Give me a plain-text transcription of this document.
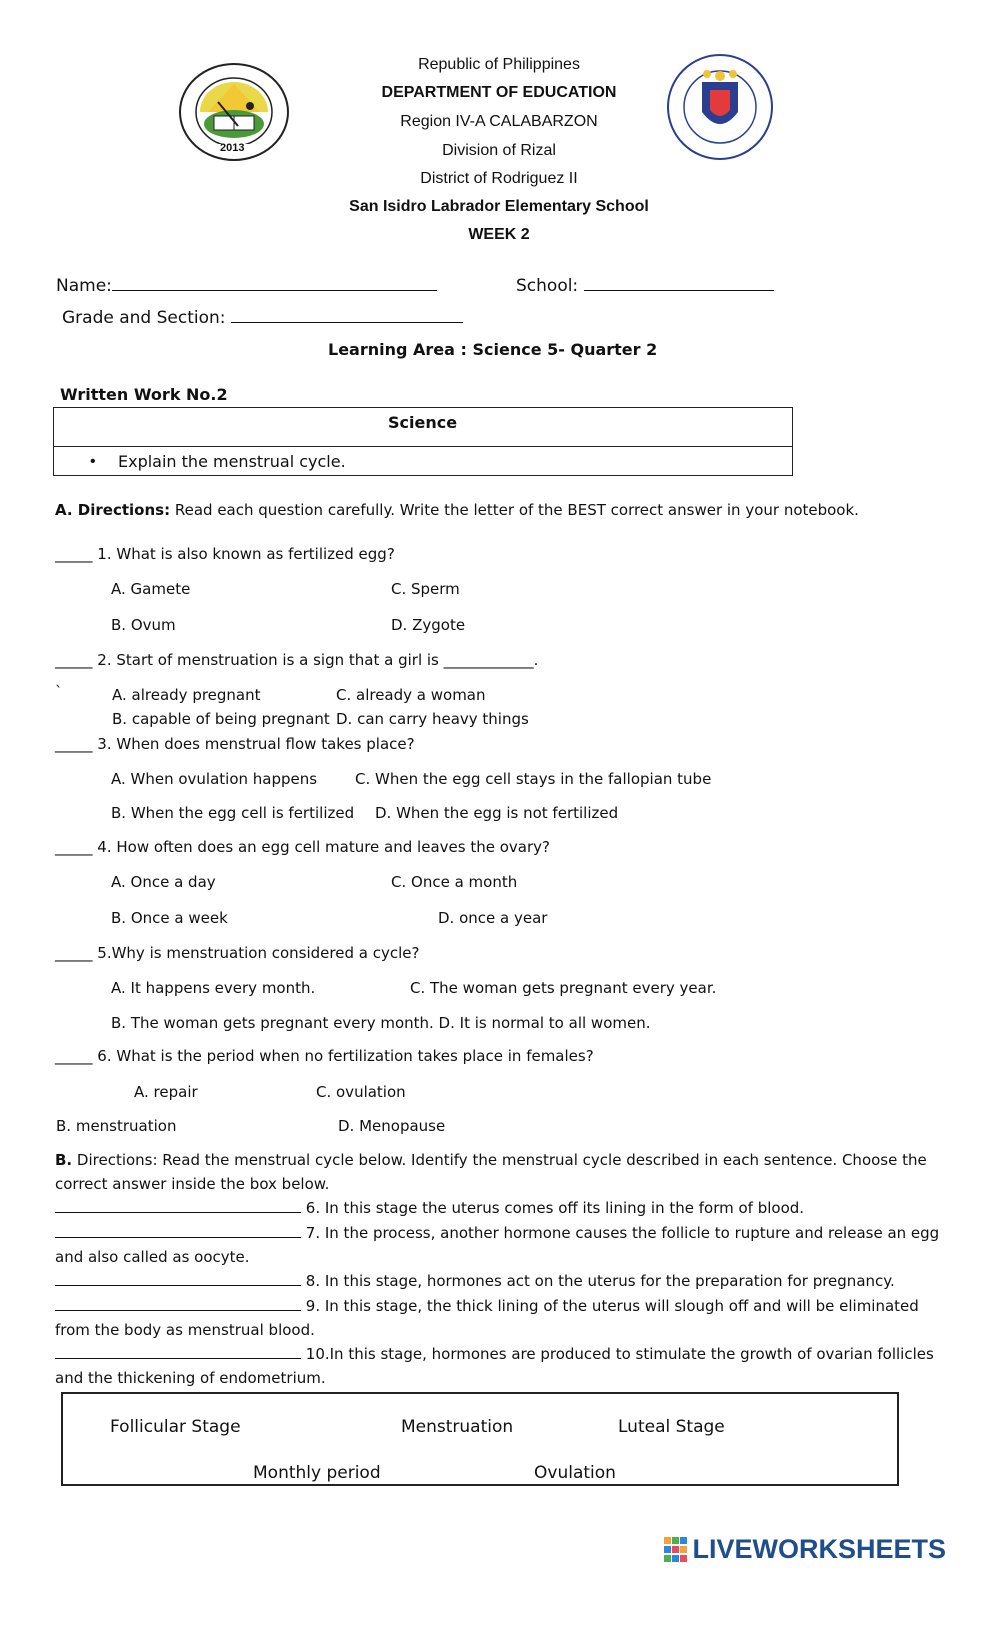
2013
Republic of Philippines
DEPARTMENT OF EDUCATION
Region IV-A CALABARZON
Division of Rizal
District of Rodriguez II
San Isidro Labrador Elementary School
WEEK 2
Name:	School:
Grade and Section:
Learning Area : Science 5- Quarter 2
Written Work No.2
Science
• Explain the menstrual cycle.
A. Directions: Read each question carefully. Write the letter of the BEST correct answer in your notebook.
_____ 1. What is also known as fertilized egg?
A. Gamete	C. Sperm
B. Ovum	D. Zygote
_____ 2. Start of menstruation is a sign that a girl is ____________.
`	A. already pregnant	C. already a woman
B. capable of being pregnant D. can carry heavy things
_____ 3. When does menstrual flow takes place?
A. When ovulation happens	C. When the egg cell stays in the fallopian tube
B. When the egg cell is fertilized D. When the egg is not fertilized
_____ 4. How often does an egg cell mature and leaves the ovary?
A. Once a day	C. Once a month
B. Once a week	D. once a year
_____ 5.Why is menstruation considered a cycle?
A. It happens every month.	C. The woman gets pregnant every year.
B. The woman gets pregnant every month. D. It is normal to all women.
_____ 6. What is the period when no fertilization takes place in females?
A. repair	C. ovulation
B. menstruation	D. Menopause
B. Directions: Read the menstrual cycle below. Identify the menstrual cycle described in each sentence. Choose the
correct answer inside the box below.
6. In this stage the uterus comes off its lining in the form of blood.
7. In the process, another hormone causes the follicle to rupture and release an egg
and also called as oocyte.
8. In this stage, hormones act on the uterus for the preparation for pregnancy.
9. In this stage, the thick lining of the uterus will slough off and will be eliminated
from the body as menstrual blood.
10.In this stage, hormones are produced to stimulate the growth of ovarian follicles
and the thickening of endometrium.
Follicular Stage	Menstruation	Luteal Stage
Monthly period	Ovulation
LIVEWORKSHEETS
